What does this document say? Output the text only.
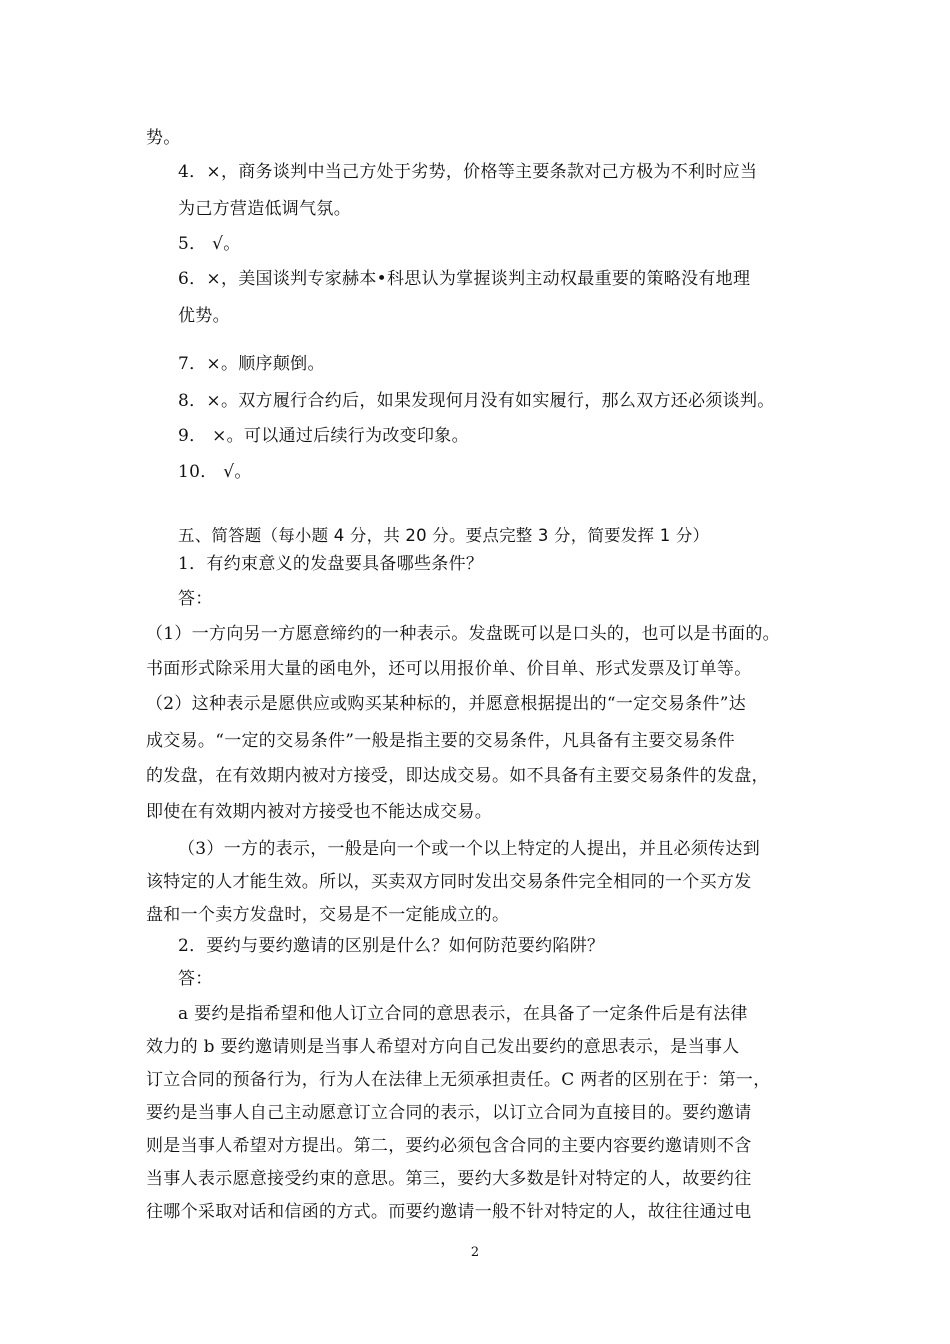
势。
4．×，商务谈判中当己方处于劣势，价格等主要条款对己方极为不利时应当
为己方营造低调气氛。
5． √。
6．×，美国谈判专家赫本•科思认为掌握谈判主动权最重要的策略没有地理
优势。
7．×。顺序颠倒。
8．×。双方履行合约后，如果发现何月没有如实履行，那么双方还必须谈判。
9． ×。可以通过后续行为改变印象。
10． √。
五、简答题（每小题 4 分，共 20 分。要点完整 3 分，简要发挥 1 分）
1．有约束意义的发盘要具备哪些条件？
答：
（1）一方向另一方愿意缔约的一种表示。发盘既可以是口头的，也可以是书面的。
书面形式除采用大量的函电外，还可以用报价单、价目单、形式发票及订单等。
（2）这种表示是愿供应或购买某种标的，并愿意根据提出的“一定交易条件”达
成交易。“一定的交易条件”一般是指主要的交易条件，凡具备有主要交易条件
的发盘，在有效期内被对方接受，即达成交易。如不具备有主要交易条件的发盘，
即使在有效期内被对方接受也不能达成交易。
（3）一方的表示，一般是向一个或一个以上特定的人提出，并且必须传达到
该特定的人才能生效。所以，买卖双方同时发出交易条件完全相同的一个买方发
盘和一个卖方发盘时，交易是不一定能成立的。
2．要约与要约邀请的区别是什么？如何防范要约陷阱？
答：
a 要约是指希望和他人订立合同的意思表示，在具备了一定条件后是有法律
效力的 b 要约邀请则是当事人希望对方向自己发出要约的意思表示，是当事人
订立合同的预备行为，行为人在法律上无须承担责任。C 两者的区别在于：第一，
要约是当事人自己主动愿意订立合同的表示，以订立合同为直接目的。要约邀请
则是当事人希望对方提出。第二，要约必须包含合同的主要内容要约邀请则不含
当事人表示愿意接受约束的意思。第三，要约大多数是针对特定的人，故要约往
往哪个采取对话和信函的方式。而要约邀请一般不针对特定的人，故往往通过电
2
